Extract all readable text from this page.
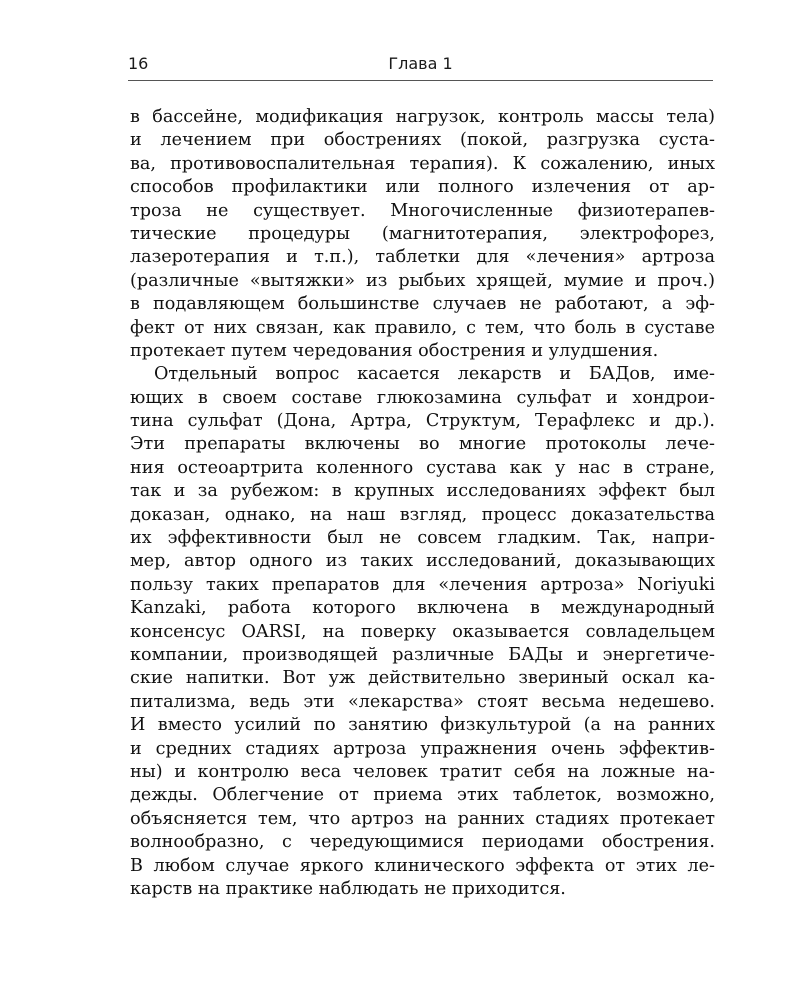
16	Глава 1
в бассейне, модификация нагрузок, контроль массы тела)
и лечением при обострениях (покой, разгрузка суста-
ва, противовоспалительная терапия). К сожалению, иных
способов профилактики или полного излечения от ар-
троза не существует. Многочисленные физиотерапев-
тические процедуры (магнитотерапия, электрофорез,
лазеротерапия и т.п.), таблетки для «лечения» артроза
(различные «вытяжки» из рыбьих хрящей, мумие и проч.)
в подавляющем большинстве случаев не работают, а эф-
фект от них связан, как правило, с тем, что боль в суставе
протекает путем чередования обострения и улудшения.
Отдельный вопрос касается лекарств и БАДов, име-
ющих в своем составе глюкозамина сульфат и хондрои-
тина сульфат (Дона, Артра, Структум, Терафлекс и др.).
Эти препараты включены во многие протоколы лече-
ния остеоартрита коленного сустава как у нас в стране,
так и за рубежом: в крупных исследованиях эффект был
доказан, однако, на наш взгляд, процесс доказательства
их эффективности был не совсем гладким. Так, напри-
мер, автор одного из таких исследований, доказывающих
пользу таких препаратов для «лечения артроза» Noriyuki
Kanzaki, работа которого включена в международный
консенсус OARSI, на поверку оказывается совладельцем
компании, производящей различные БАДы и энергетиче-
ские напитки. Вот уж действительно звериный оскал ка-
питализма, ведь эти «лекарства» стоят весьма недешево.
И вместо усилий по занятию физкультурой (а на ранних
и средних стадиях артроза упражнения очень эффектив-
ны) и контролю веса человек тратит себя на ложные на-
дежды. Облегчение от приема этих таблеток, возможно,
объясняется тем, что артроз на ранних стадиях протекает
волнообразно, с чередующимися периодами обострения.
В любом случае яркого клинического эффекта от этих ле-
карств на практике наблюдать не приходится.
